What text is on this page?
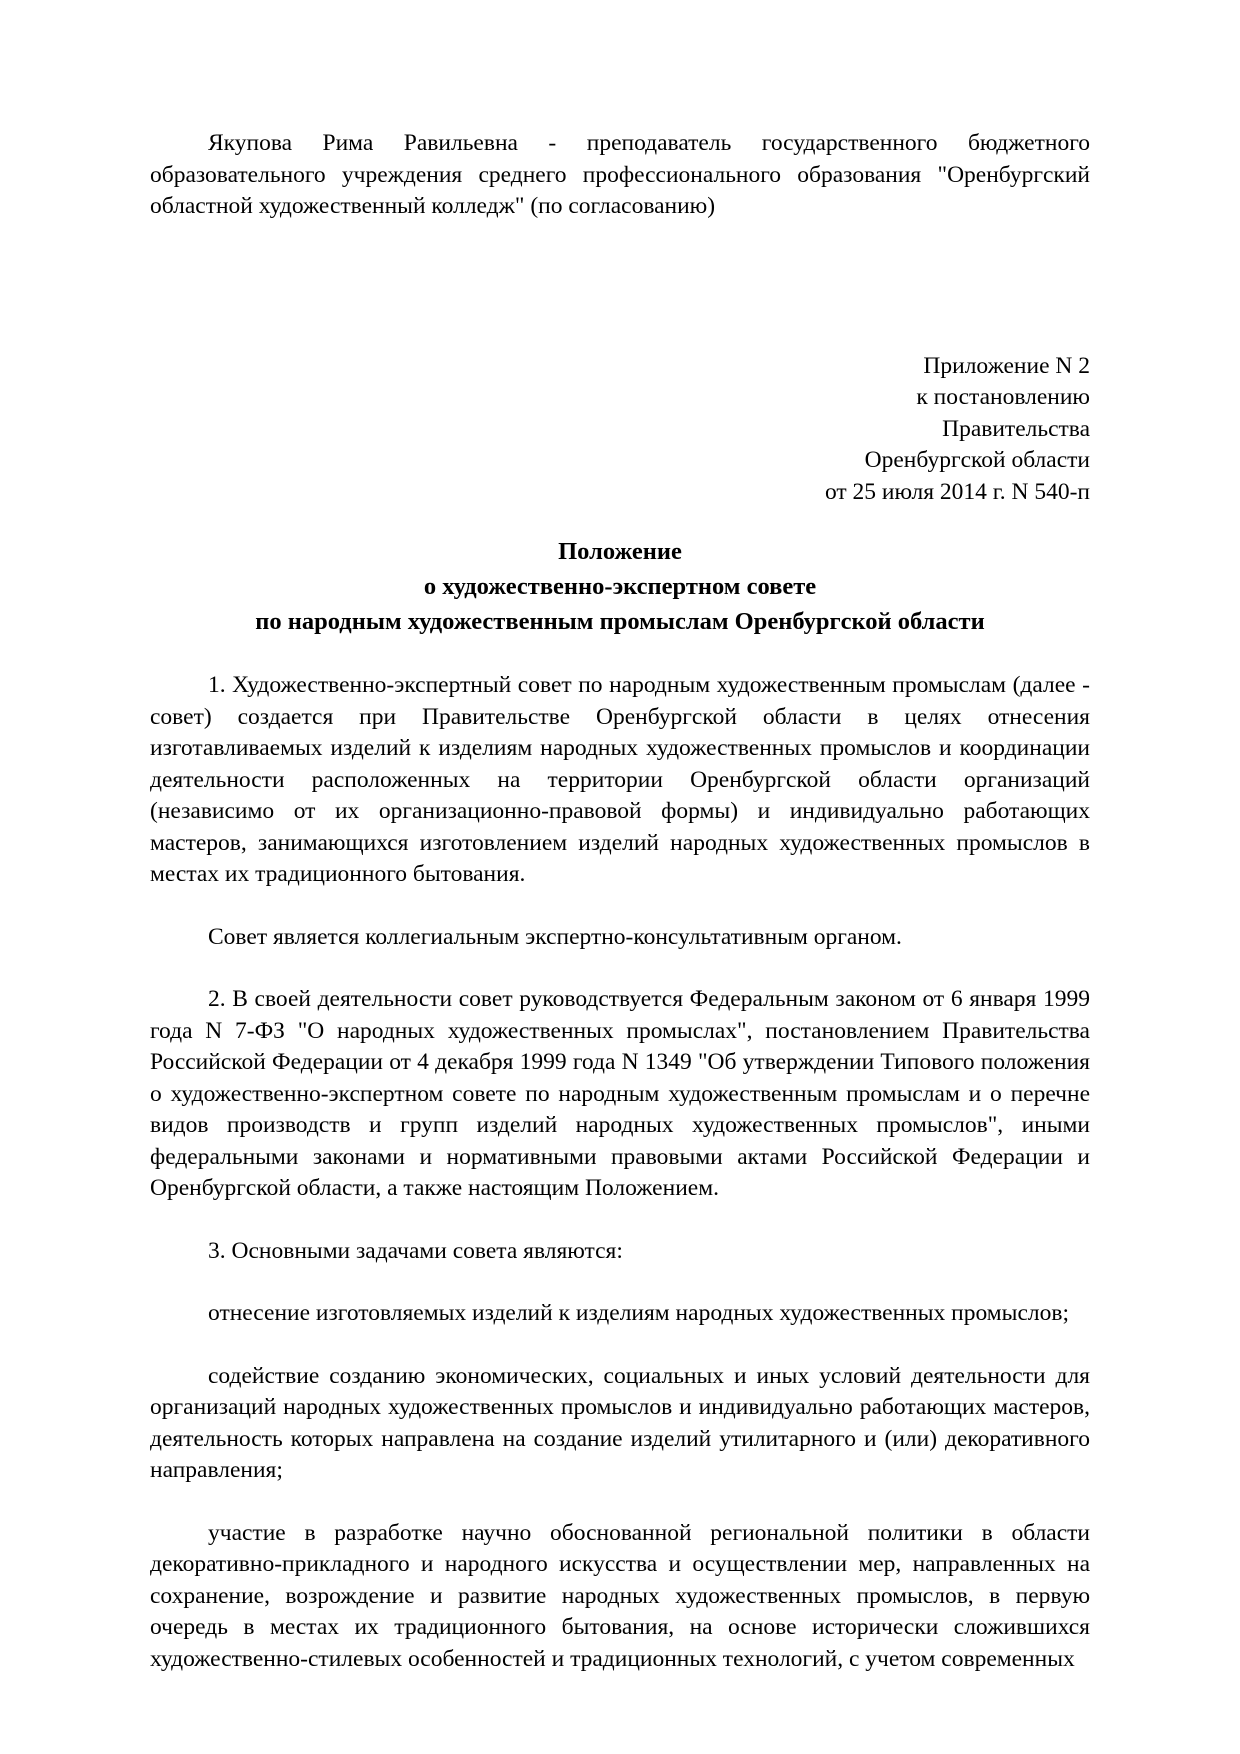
Якупова Рима Равильевна - преподаватель государственного бюджетного образовательного учреждения среднего профессионального образования "Оренбургский областной художественный колледж" (по согласованию)

Приложение N 2
к постановлению
Правительства
Оренбургской области
от 25 июля 2014 г. N 540-п
Положение
о художественно-экспертном совете
по народным художественным промыслам Оренбургской области

1. Художественно-экспертный совет по народным художественным промыслам (далее - совет) создается при Правительстве Оренбургской области в целях отнесения изготавливаемых изделий к изделиям народных художественных промыслов и координации деятельности расположенных на территории Оренбургской области организаций (независимо от их организационно-правовой формы) и индивидуально работающих мастеров, занимающихся изготовлением изделий народных художественных промыслов в местах их традиционного бытования.

Совет является коллегиальным экспертно-консультативным органом.

2. В своей деятельности совет руководствуется Федеральным законом от 6 января 1999 года N 7-ФЗ "О народных художественных промыслах", постановлением Правительства Российской Федерации от 4 декабря 1999 года N 1349 "Об утверждении Типового положения о художественно-экспертном совете по народным художественным промыслам и о перечне видов производств и групп изделий народных художественных промыслов", иными федеральными законами и нормативными правовыми актами Российской Федерации и Оренбургской области, а также настоящим Положением.

3. Основными задачами совета являются:

отнесение изготовляемых изделий к изделиям народных художественных промыслов;

содействие созданию экономических, социальных и иных условий деятельности для организаций народных художественных промыслов и индивидуально работающих мастеров, деятельность которых направлена на создание изделий утилитарного и (или) декоративного направления;

участие в разработке научно обоснованной региональной политики в области декоративно-прикладного и народного искусства и осуществлении мер, направленных на сохранение, возрождение и развитие народных художественных промыслов, в первую очередь в местах их традиционного бытования, на основе исторически сложившихся художественно-стилевых особенностей и традиционных технологий, с учетом современных
